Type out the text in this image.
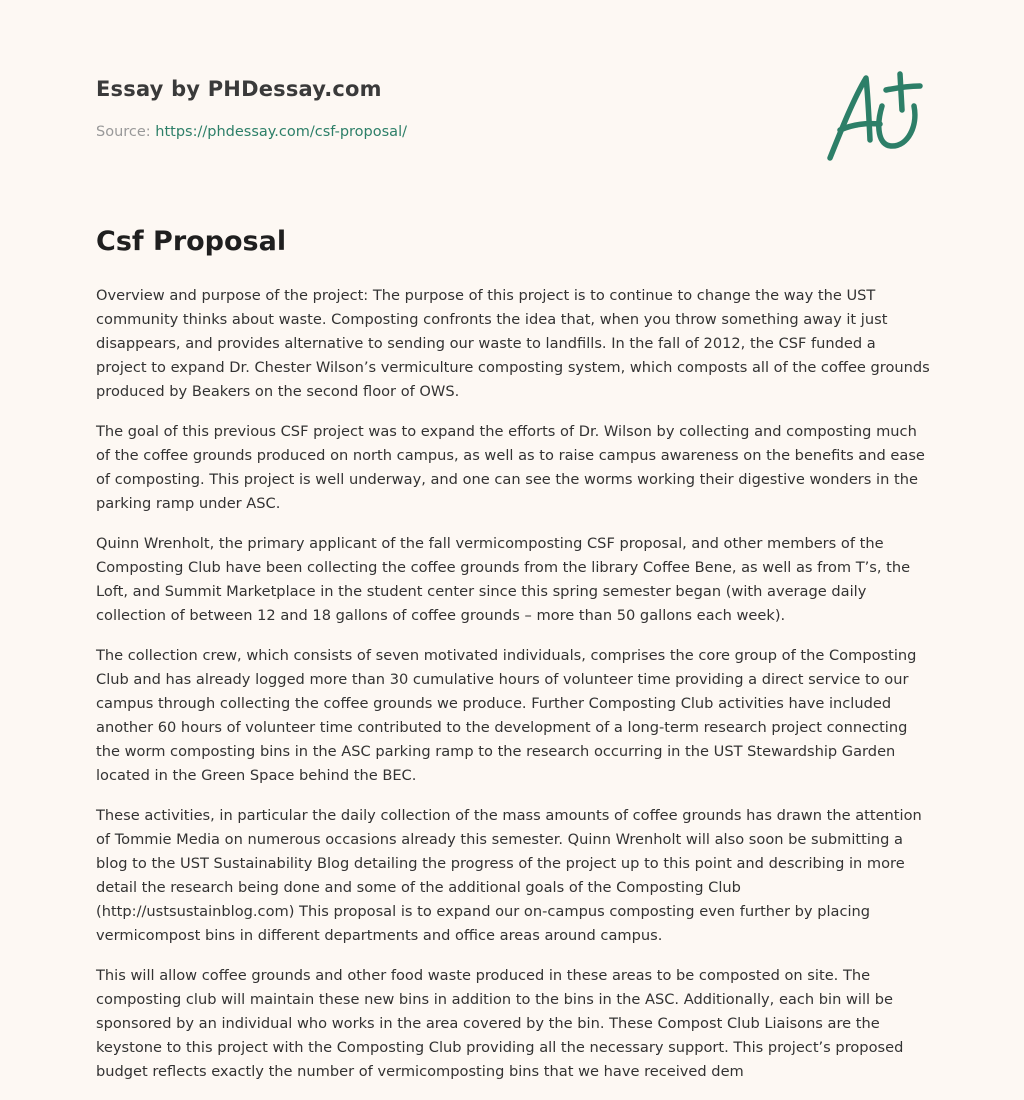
Essay by PHDessay.com
Source: https://phdessay.com/csf-proposal/
Csf Proposal

Overview and purpose of the project: The purpose of this project is to continue to change the way the UST community thinks about waste. Composting confronts the idea that, when you throw something away it just disappears, and provides alternative to sending our waste to landfills. In the fall of 2012, the CSF funded a project to expand Dr. Chester Wilson’s vermiculture composting system, which composts all of the coffee grounds produced by Beakers on the second floor of OWS.

The goal of this previous CSF project was to expand the efforts of Dr. Wilson by collecting and composting much of the coffee grounds produced on north campus, as well as to raise campus awareness on the benefits and ease of composting. This project is well underway, and one can see the worms working their digestive wonders in the parking ramp under ASC.

Quinn Wrenholt, the primary applicant of the fall vermicomposting CSF proposal, and other members of the Composting Club have been collecting the coffee grounds from the library Coffee Bene, as well as from T’s, the Loft, and Summit Marketplace in the student center since this spring semester began (with average daily collection of between 12 and 18 gallons of coffee grounds – more than 50 gallons each week).

The collection crew, which consists of seven motivated individuals, comprises the core group of the Composting Club and has already logged more than 30 cumulative hours of volunteer time providing a direct service to our campus through collecting the coffee grounds we produce. Further Composting Club activities have included another 60 hours of volunteer time contributed to the development of a long-term research project connecting the worm composting bins in the ASC parking ramp to the research occurring in the UST Stewardship Garden located in the Green Space behind the BEC.

These activities, in particular the daily collection of the mass amounts of coffee grounds has drawn the attention of Tommie Media on numerous occasions already this semester. Quinn Wrenholt will also soon be submitting a blog to the UST Sustainability Blog detailing the progress of the project up to this point and describing in more detail the research being done and some of the additional goals of the Composting Club (http://ustsustainblog.com) This proposal is to expand our on-campus composting even further by placing vermicompost bins in different departments and office areas around campus.

This will allow coffee grounds and other food waste produced in these areas to be composted on site. The composting club will maintain these new bins in addition to the bins in the ASC. Additionally, each bin will be sponsored by an individual who works in the area covered by the bin. These Compost Club Liaisons are the keystone to this project with the Composting Club providing all the necessary support. This project’s proposed budget reflects exactly the number of vermicomposting bins that we have received dem
